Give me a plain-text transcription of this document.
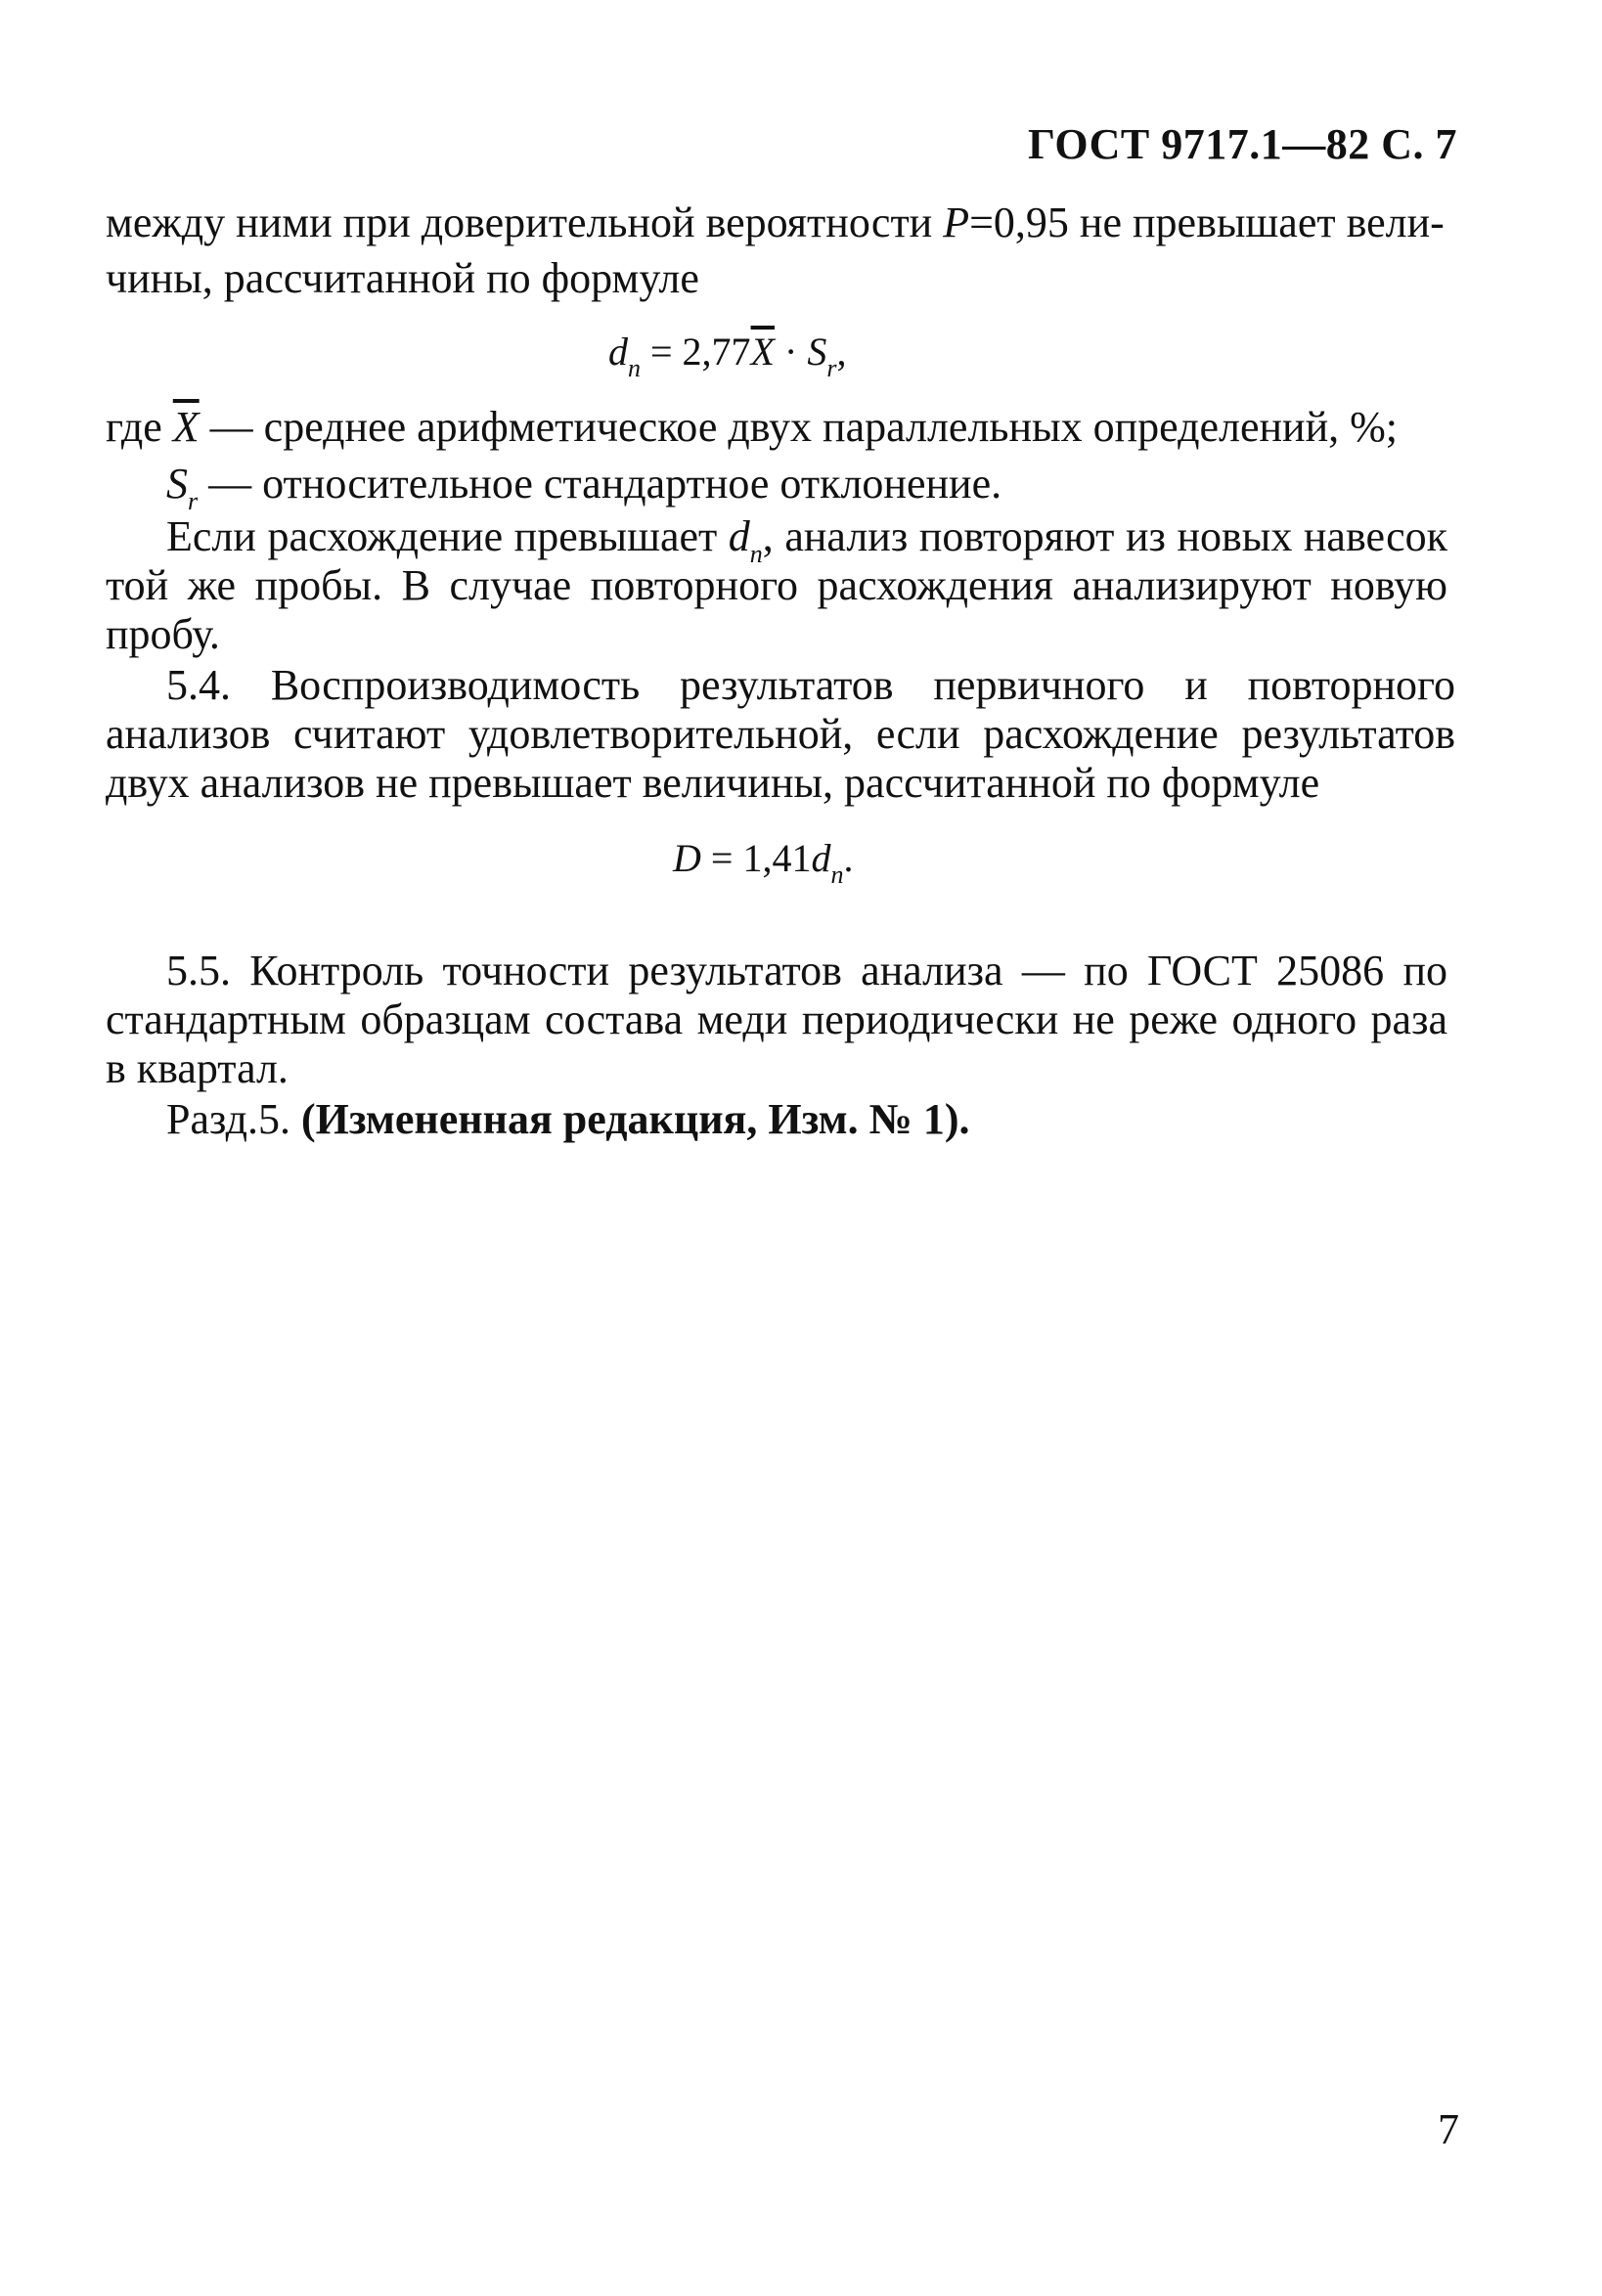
ГОСТ 9717.1—82 С. 7
между ними при доверительной вероятности P=0,95 не превышает вели-
чины, рассчитанной по формуле
$d_n = 2,77\overline{X} \cdot S_r$,
где $\overline{X}$ — среднее арифметическое двух параллельных определений, %;
$S_r$ — относительное стандартное отклонение.
Если расхождение превышает $d_n$, анализ повторяют из новых навесок той же пробы. В случае повторного расхождения анализируют новую пробу.
5.4. Воспроизводимость результатов первичного и повторного анализов считают удовлетворительной, если расхождение результатов двух анализов не превышает величины, рассчитанной по формуле
$D = 1,41d_n$.
5.5. Контроль точности результатов анализа — по ГОСТ 25086 по стандартным образцам состава меди периодически не реже одного раза в квартал.
Разд.5. (Измененная редакция, Изм. № 1).
7
